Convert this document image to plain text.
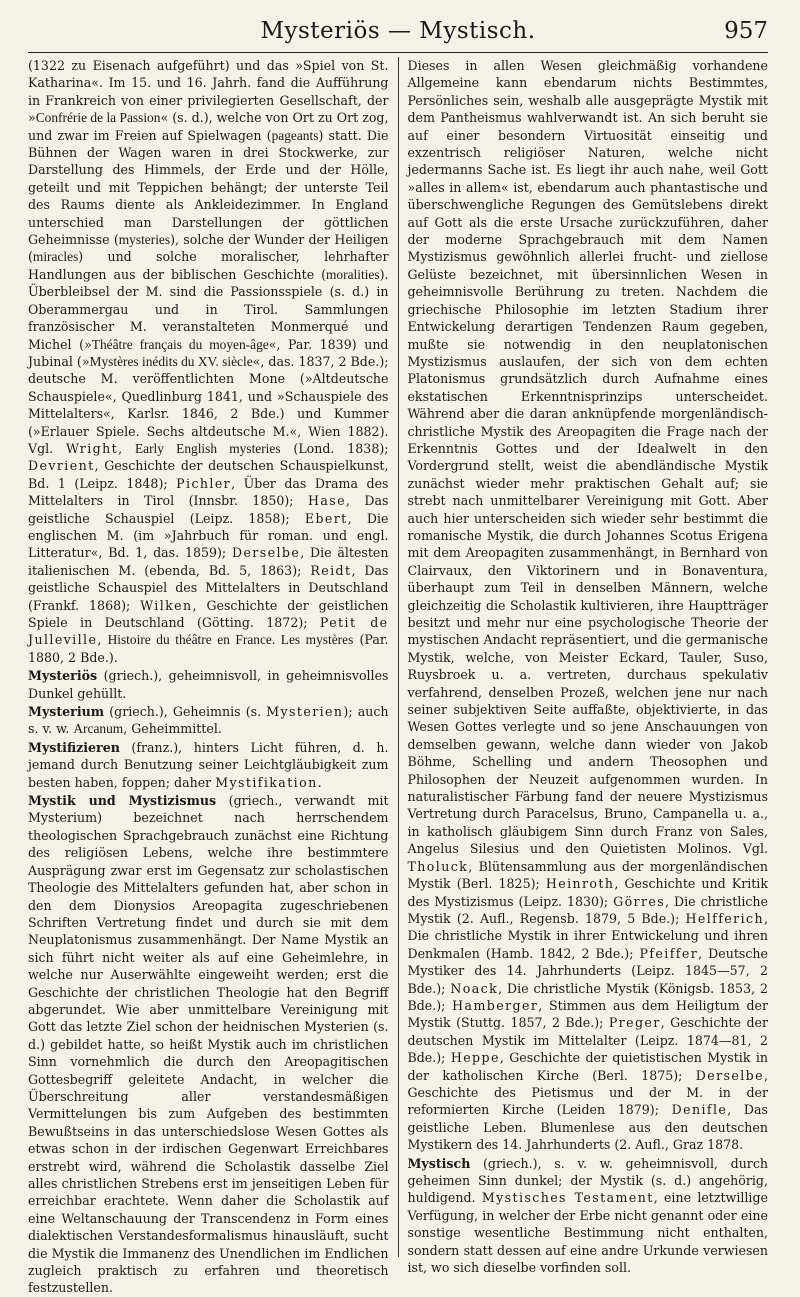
Mysteriös — Mystisch.	957

(1322 zu Eisenach aufgeführt) und das »Spiel von St. Katharina«. Im 15. und 16. Jahrh. fand die Aufführung in Frankreich von einer privilegierten Gesellschaft, der »Confrérie de la Passion« (s. d.), welche von Ort zu Ort zog, und zwar im Freien auf Spielwagen (pageants) statt. Die Bühnen der Wagen waren in drei Stockwerke, zur Darstellung des Himmels, der Erde und der Hölle, geteilt und mit Teppichen behängt; der unterste Teil des Raums diente als Ankleidezimmer. In England unterschied man Darstellungen der göttlichen Geheimnisse (mysteries), solche der Wunder der Heiligen (miracles) und solche moralischer, lehrhafter Handlungen aus der biblischen Geschichte (moralities). Überbleibsel der M. sind die Passionsspiele (s. d.) in Oberammergau und in Tirol. Sammlungen französischer M. veranstalteten Monmerqué und Michel (»Théâtre français du moyen-âge«, Par. 1839) und Jubinal (»Mystères inédits du XV. siècle«, das. 1837, 2 Bde.); deutsche M. veröffentlichten Mone (»Altdeutsche Schauspiele«, Quedlinburg 1841, und »Schauspiele des Mittelalters«, Karlsr. 1846, 2 Bde.) und Kummer (»Erlauer Spiele. Sechs altdeutsche M.«, Wien 1882). Vgl. Wright, Early English mysteries (Lond. 1838); Devrient, Geschichte der deutschen Schauspielkunst, Bd. 1 (Leipz. 1848); Pichler, Über das Drama des Mittelalters in Tirol (Innsbr. 1850); Hase, Das geistliche Schauspiel (Leipz. 1858); Ebert, Die englischen M. (im »Jahrbuch für roman. und engl. Litteratur«, Bd. 1, das. 1859); Derselbe, Die ältesten italienischen M. (ebenda, Bd. 5, 1863); Reidt, Das geistliche Schauspiel des Mittelalters in Deutschland (Frankf. 1868); Wilken, Geschichte der geistlichen Spiele in Deutschland (Götting. 1872); Petit de Julleville, Histoire du théâtre en France. Les mystères (Par. 1880, 2 Bde.).

Mysteriös (griech.), geheimnisvoll, in geheimnisvolles Dunkel gehüllt.

Mysterium (griech.), Geheimnis (s. Mysterien); auch s. v. w. Arcanum, Geheimmittel.

Mystifizieren (franz.), hinters Licht führen, d. h. jemand durch Benutzung seiner Leichtgläubigkeit zum besten haben, foppen; daher Mystifikation.

Mystik und Mystizismus (griech., verwandt mit Mysterium) bezeichnet nach herrschendem theologischen Sprachgebrauch zunächst eine Richtung des religiösen Lebens, welche ihre bestimmtere Ausprägung zwar erst im Gegensatz zur scholastischen Theologie des Mittelalters gefunden hat, aber schon in den dem Dionysios Areopagita zugeschriebenen Schriften Vertretung findet und durch sie mit dem Neuplatonismus zusammenhängt. Der Name Mystik an sich führt nicht weiter als auf eine Geheimlehre, in welche nur Auserwählte eingeweiht werden; erst die Geschichte der christlichen Theologie hat den Begriff abgerundet. Wie aber unmittelbare Vereinigung mit Gott das letzte Ziel schon der heidnischen Mysterien (s. d.) gebildet hatte, so heißt Mystik auch im christlichen Sinn vornehmlich die durch den Areopagitischen Gottesbegriff geleitete Andacht, in welcher die Überschreitung aller verstandesmäßigen Vermittelungen bis zum Aufgeben des bestimmten Bewußtseins in das unterschiedslose Wesen Gottes als etwas schon in der irdischen Gegenwart Erreichbares erstrebt wird, während die Scholastik dasselbe Ziel alles christlichen Strebens erst im jenseitigen Leben für erreichbar erachtete. Wenn daher die Scholastik auf eine Weltanschauung der Transcendenz in Form eines dialektischen Verstandesformalismus hinausläuft, sucht die Mystik die Immanenz des Unendlichen im Endlichen zugleich praktisch zu erfahren und theoretisch festzustellen.

Dieses in allen Wesen gleichmäßig vorhandene Allgemeine kann ebendarum nichts Bestimmtes, Persönliches sein, weshalb alle ausgeprägte Mystik mit dem Pantheismus wahlverwandt ist. An sich beruht sie auf einer besondern Virtuosität einseitig und exzentrisch religiöser Naturen, welche nicht jedermanns Sache ist. Es liegt ihr auch nahe, weil Gott »alles in allem« ist, ebendarum auch phantastische und überschwengliche Regungen des Gemütslebens direkt auf Gott als die erste Ursache zurückzuführen, daher der moderne Sprachgebrauch mit dem Namen Mystizismus gewöhnlich allerlei frucht- und ziellose Gelüste bezeichnet, mit übersinnlichen Wesen in geheimnisvolle Berührung zu treten. Nachdem die griechische Philosophie im letzten Stadium ihrer Entwickelung derartigen Tendenzen Raum gegeben, mußte sie notwendig in den neuplatonischen Mystizismus auslaufen, der sich von dem echten Platonismus grundsätzlich durch Aufnahme eines ekstatischen Erkenntnisprinzips unterscheidet. Während aber die daran anknüpfende morgenländisch-christliche Mystik des Areopagiten die Frage nach der Erkenntnis Gottes und der Idealwelt in den Vordergrund stellt, weist die abendländische Mystik zunächst wieder mehr praktischen Gehalt auf; sie strebt nach unmittelbarer Vereinigung mit Gott. Aber auch hier unterscheiden sich wieder sehr bestimmt die romanische Mystik, die durch Johannes Scotus Erigena mit dem Areopagiten zusammenhängt, in Bernhard von Clairvaux, den Viktorinern und in Bonaventura, überhaupt zum Teil in denselben Männern, welche gleichzeitig die Scholastik kultivieren, ihre Hauptträger besitzt und mehr nur eine psychologische Theorie der mystischen Andacht repräsentiert, und die germanische Mystik, welche, von Meister Eckard, Tauler, Suso, Ruysbroek u. a. vertreten, durchaus spekulativ verfahrend, denselben Prozeß, welchen jene nur nach seiner subjektiven Seite auffaßte, objektivierte, in das Wesen Gottes verlegte und so jene Anschauungen von demselben gewann, welche dann wieder von Jakob Böhme, Schelling und andern Theosophen und Philosophen der Neuzeit aufgenommen wurden. In naturalistischer Färbung fand der neuere Mystizismus Vertretung durch Paracelsus, Bruno, Campanella u. a., in katholisch gläubigem Sinn durch Franz von Sales, Angelus Silesius und den Quietisten Molinos. Vgl. Tholuck, Blütensammlung aus der morgenländischen Mystik (Berl. 1825); Heinroth, Geschichte und Kritik des Mystizismus (Leipz. 1830); Görres, Die christliche Mystik (2. Aufl., Regensb. 1879, 5 Bde.); Helfferich, Die christliche Mystik in ihrer Entwickelung und ihren Denkmalen (Hamb. 1842, 2 Bde.); Pfeiffer, Deutsche Mystiker des 14. Jahrhunderts (Leipz. 1845—57, 2 Bde.); Noack, Die christliche Mystik (Königsb. 1853, 2 Bde.); Hamberger, Stimmen aus dem Heiligtum der Mystik (Stuttg. 1857, 2 Bde.); Preger, Geschichte der deutschen Mystik im Mittelalter (Leipz. 1874—81, 2 Bde.); Heppe, Geschichte der quietistischen Mystik in der katholischen Kirche (Berl. 1875); Derselbe, Geschichte des Pietismus und der M. in der reformierten Kirche (Leiden 1879); Denifle, Das geistliche Leben. Blumenlese aus den deutschen Mystikern des 14. Jahrhunderts (2. Aufl., Graz 1878.

Mystisch (griech.), s. v. w. geheimnisvoll, durch geheimen Sinn dunkel; der Mystik (s. d.) angehörig, huldigend. Mystisches Testament, eine letztwillige Verfügung, in welcher der Erbe nicht genannt oder eine sonstige wesentliche Bestimmung nicht enthalten, sondern statt dessen auf eine andre Urkunde verwiesen ist, wo sich dieselbe vorfinden soll.
